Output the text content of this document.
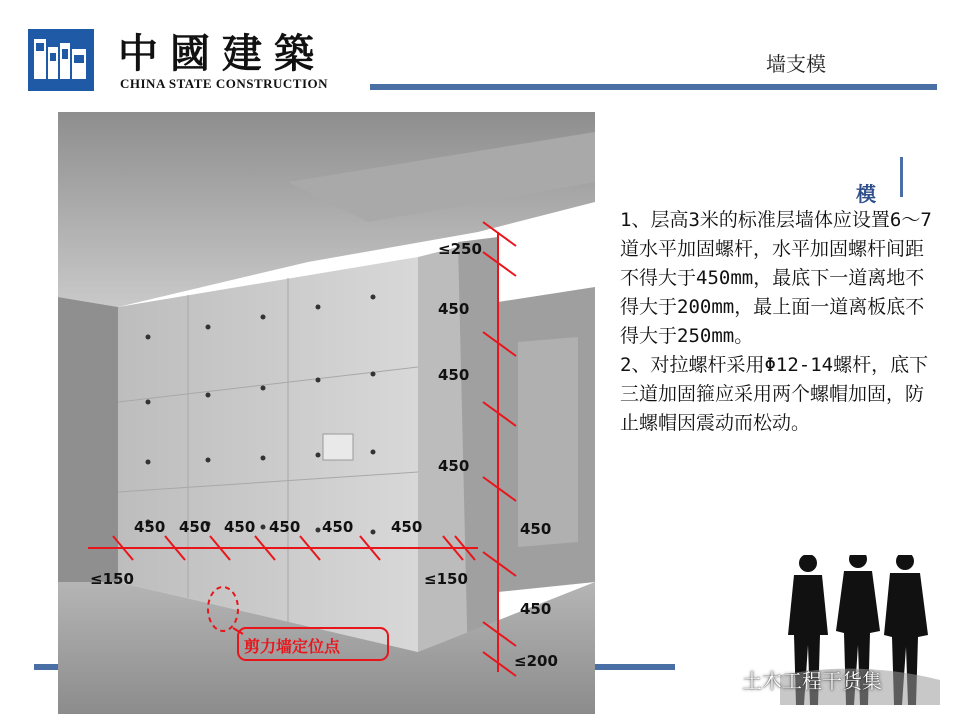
中國建築
CHINA STATE CONSTRUCTION
墙支模
≤250
450
450
450
450
450
≤200
450 450 450 450 450	450
≤150	≤150
剪力墙定位点
模

1、层高3米的标准层墙体应设置6～7道水平加固螺杆，水平加固螺杆间距不得大于450mm，最底下一道离地不得大于200mm，最上面一道离板底不得大于250mm。

2、对拉螺杆采用Φ12-14螺杆，底下三道加固箍应采用两个螺帽加固，防止螺帽因震动而松动。

土木工程干货集
